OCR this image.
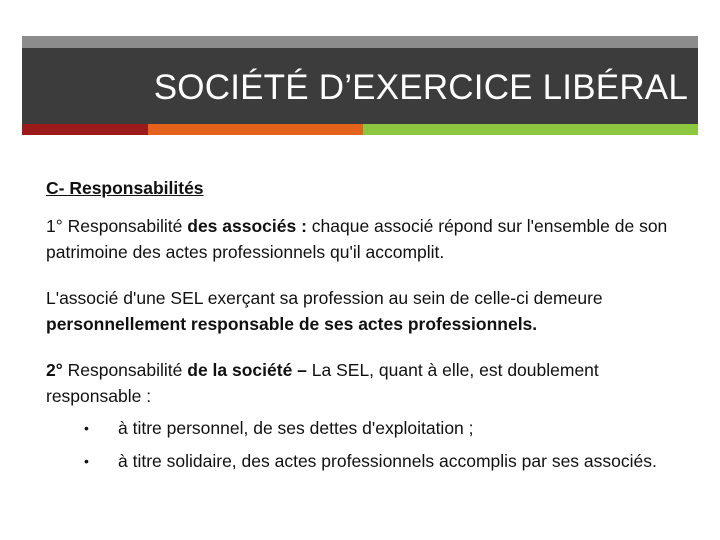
SOCIÉTÉ D’EXERCICE LIBÉRAL

C- Responsabilités

1° Responsabilité des associés : chaque associé répond sur l'ensemble de son patrimoine des actes professionnels qu'il accomplit.

L'associé d'une SEL exerçant sa profession au sein de celle-ci demeure personnellement responsable de ses actes professionnels.

2° Responsabilité de la société – La SEL, quant à elle, est doublement responsable :

• à titre personnel, de ses dettes d'exploitation ;
• à titre solidaire, des actes professionnels accomplis par ses associés.
